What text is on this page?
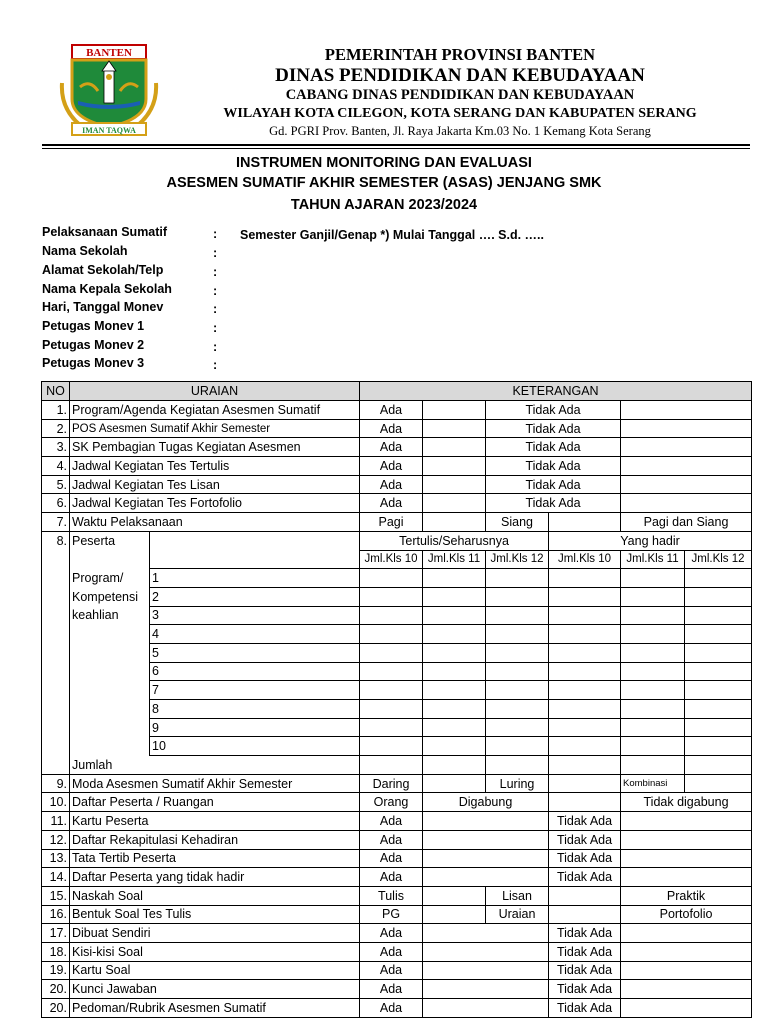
BANTEN
IMAN TAQWA
PEMERINTAH PROVINSI BANTEN
DINAS PENDIDIKAN DAN KEBUDAYAAN
CABANG DINAS PENDIDIKAN DAN KEBUDAYAAN
WILAYAH KOTA CILEGON, KOTA SERANG DAN KABUPATEN SERANG
Gd. PGRI Prov. Banten, Jl. Raya Jakarta Km.03 No. 1 Kemang Kota Serang
INSTRUMEN MONITORING DAN EVALUASI
ASESMEN SUMATIF AKHIR SEMESTER (ASAS) JENJANG SMK
TAHUN AJARAN 2023/2024
Pelaksanaan Sumatif	: Semester Ganjil/Genap *) Mulai Tanggal …. S.d. …..
Nama Sekolah	:
Alamat Sekolah/Telp	:
Nama Kepala Sekolah	:
Hari, Tanggal Monev	:
Petugas Monev 1	:
Petugas Monev 2	:
Petugas Monev 3	:
NO	URAIAN		KETERANGAN					
1.	Program/Agenda Kegiatan Asesmen Sumatif		Ada		Tidak Ada			
2.	POS Asesmen Sumatif Akhir Semester		Ada		Tidak Ada			
3.	SK Pembagian Tugas Kegiatan Asesmen		Ada		Tidak Ada			
4.	Jadwal Kegiatan Tes Tertulis		Ada		Tidak Ada			
5.	Jadwal Kegiatan Tes Lisan		Ada		Tidak Ada			
6.	Jadwal Kegiatan Tes Fortofolio		Ada		Tidak Ada			
7.	Waktu Pelaksanaan		Pagi		Siang		Pagi dan Siang	
8.	Peserta		Tertulis/Seharusnya			Yang hadir		
			Jml.Kls 10	Jml.Kls 11	Jml.Kls 12	Jml.Kls 10	Jml.Kls 11	Jml.Kls 12
	Program/	1						
	Kompetensi	2						
	keahlian	3						
		4						
		5						
		6						
		7						
		8						
		9						
		10						
	Jumlah							
9.	Moda Asesmen Sumatif Akhir Semester		Daring		Luring		Kombinasi	
10.	Daftar Peserta / Ruangan		Orang	Digabung			Tidak digabung	
11.	Kartu Peserta		Ada			Tidak Ada		
12.	Daftar Rekapitulasi Kehadiran		Ada			Tidak Ada		
13.	Tata Tertib Peserta		Ada			Tidak Ada		
14.	Daftar Peserta yang tidak hadir		Ada			Tidak Ada		
15.	Naskah Soal		Tulis		Lisan		Praktik	
16.	Bentuk Soal Tes Tulis		PG		Uraian		Portofolio	
17.	Dibuat Sendiri		Ada			Tidak Ada		
18.	Kisi-kisi Soal		Ada			Tidak Ada		
19.	Kartu Soal		Ada			Tidak Ada		
20.	Kunci Jawaban		Ada			Tidak Ada		
20.	Pedoman/Rubrik Asesmen Sumatif		Ada			Tidak Ada		
